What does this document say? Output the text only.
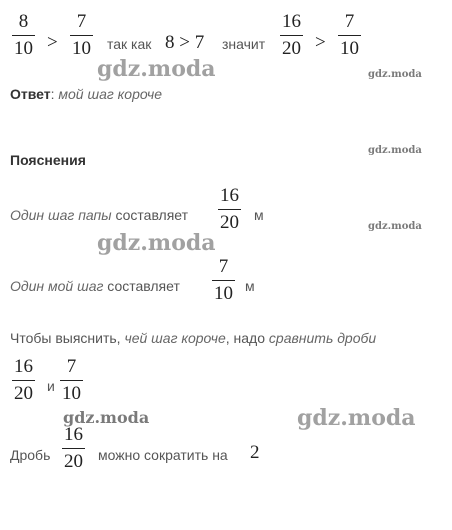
8
10 >
7
10 так как 8 > 7 значит
16
20 >
7
10
gdz.moda	gdz.moda
Ответ: мой шаг короче
Пояснения
gdz.moda
Один шаг папы составляет
16
20 м
gdz.moda
gdz.moda
Один мой шаг составляет
7
10 м
Чтобы выяснить, чей шаг короче, надо сравнить дроби
16
20 и
7
10
gdz.moda	gdz.moda
Дробь
16
20 можно сократить на 2
